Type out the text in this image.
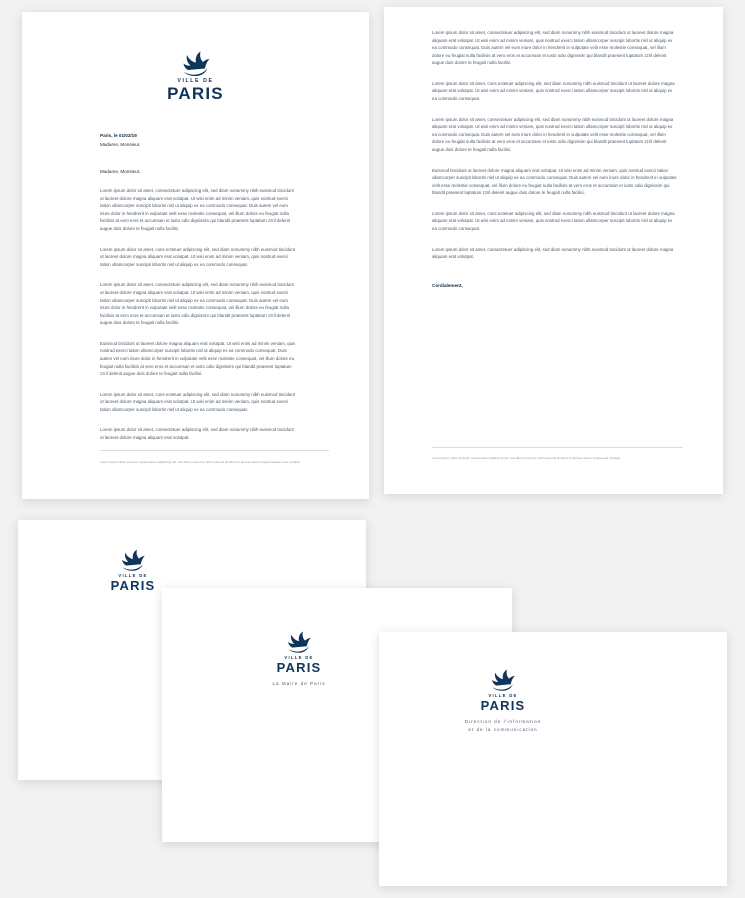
VILLE DE
PARIS
Paris, le 01/02/19
Madame, Monsieur,
Madame, Monsieur,

Lorem ipsum dolor sit amet, consectetuer adipiscing elit, sed diam nonummy nibh euismod tincidunt ut laoreet dolore magna aliquam erat volutpat. Ut wisi enim ad minim veniam, quis nostrud exerci tation ullamcorper suscipit lobortis nisl ut aliquip ex ea commodo consequat. Duis autem vel eum iriure dolor in hendrerit in vulputate velit esse molestie consequat, vel illum dolore eu feugiat nulla facilisis at vero eros et accumsan et iusto odio dignissim qui blandit praesent luptatum zzril delenit augue duis dolore te feugait nulla facilisi.

Lorem ipsum dolor sit amet, cons ectetuer adipiscing elit, sed diam nonummy nibh euismod tincidunt ut laoreet dolore magna aliquam erat volutpat. Ut wisi enim ad minim veniam, quis nostrud exerci tation ullamcorper suscipit lobortis nisl ut aliquip ex ea commodo consequat.

Lorem ipsum dolor sit amet, consectetuer adipiscing elit, sed diam nonummy nibh euismod tincidunt ut laoreet dolore magna aliquam erat volutpat. Ut wisi enim ad minim veniam, quis nostrud exerci tation ullamcorper suscipit lobortis nisl ut aliquip ex ea commodo consequat. Duis autem vel eum iriure dolor in hendrerit in vulputate velit esse molestie consequat, vel illum dolore eu feugiat nulla facilisis at vero eros et accumsan et iusto odio dignissim qui blandit praesent luptatum zzril delenit augue duis dolore te feugait nulla facilisi.

Euismod tincidunt ut laoreet dolore magna aliquam erat volutpat. Ut wisi enim ad minim veniam, quis nostrud exerci tation ullamcorper suscipit lobortis nisl ut aliquip ex ea commodo consequat. Duis autem vel eum iriure dolor in hendrerit in vulputate velit esse molestie consequat, vel illum dolore eu feugiat nulla facilisis at vero eros et accumsan et iusto odio dignissim qui blandit praesent luptatum zzril delenit augue duis dolore te feugait nulla facilisi.

Lorem ipsum dolor sit amet, cons ectetuer adipiscing elit, sed diam nonummy nibh euismod tincidunt ut laoreet dolore magna aliquam erat volutpat. Ut wisi enim ad minim veniam, quis nostrud exerci tation ullamcorper suscipit lobortis nisl ut aliquip ex ea commodo consequat.

Lorem ipsum dolor sit amet, consectetuer adipiscing elit, sed diam nonummy nibh euismod tincidunt ut laoreet dolore magna aliquam erat volutpat.

Lorem ipsum dolor sit amet, consectetuer adipiscing elit, sed diam nonummy nibh euismod tincidunt ut laoreet dolore magna aliquam erat volutpat.

Lorem ipsum dolor sit amet, consectetuer adipiscing elit, sed diam nonummy nibh euismod tincidunt ut laoreet dolore magna aliquam erat volutpat. Ut wisi enim ad minim veniam, quis nostrud exerci tation ullamcorper suscipit lobortis nisl ut aliquip ex ea commodo consequat. Duis autem vel eum iriure dolor in hendrerit in vulputate velit esse molestie consequat, vel illum dolore eu feugiat nulla facilisis at vero eros et accumsan et iusto odio dignissim qui blandit praesent luptatum zzril delenit augue duis dolore te feugait nulla facilisi.

Lorem ipsum dolor sit amet, cons ectetuer adipiscing elit, sed diam nonummy nibh euismod tincidunt ut laoreet dolore magna aliquam erat volutpat. Ut wisi enim ad minim veniam, quis nostrud exerci tation ullamcorper suscipit lobortis nisl ut aliquip ex ea commodo consequat.

Lorem ipsum dolor sit amet, consectetuer adipiscing elit, sed diam nonummy nibh euismod tincidunt ut laoreet dolore magna aliquam erat volutpat. Ut wisi enim ad minim veniam, quis nostrud exerci tation ullamcorper suscipit lobortis nisl ut aliquip ex ea commodo consequat. Duis autem vel eum iriure dolor in hendrerit in vulputate velit esse molestie consequat, vel illum dolore eu feugiat nulla facilisis at vero eros et accumsan et iusto odio dignissim qui blandit praesent luptatum zzril delenit augue duis dolore te feugait nulla facilisi.

Euismod tincidunt ut laoreet dolore magna aliquam erat volutpat. Ut wisi enim ad minim veniam, quis nostrud exerci tation ullamcorper suscipit lobortis nisl ut aliquip ex ea commodo consequat. Duis autem vel eum iriure dolor in hendrerit in vulputate velit esse molestie consequat, vel illum dolore eu feugiat nulla facilisis at vero eros et accumsan et iusto odio dignissim qui blandit praesent luptatum zzril delenit augue duis dolore te feugait nulla facilisi.

Lorem ipsum dolor sit amet, cons ectetuer adipiscing elit, sed diam nonummy nibh euismod tincidunt ut laoreet dolore magna aliquam erat volutpat. Ut wisi enim ad minim veniam, quis nostrud exerci tation ullamcorper suscipit lobortis nisl ut aliquip ex ea commodo consequat.

Lorem ipsum dolor sit amet, consectetuer adipiscing elit, sed diam nonummy nibh euismod tincidunt ut laoreet dolore magna aliquam erat volutpat.

Cordialement,
Lorem ipsum dolor sit amet, consectetuer adipiscing elit, sed diam nonummy nibh euismod tincidunt ut laoreet dolore magna erat volutpat.
VILLE DE
PARIS
VILLE DE
PARIS
La Maire de Paris
VILLE DE
PARIS
Direction de l'information
et de la communication
